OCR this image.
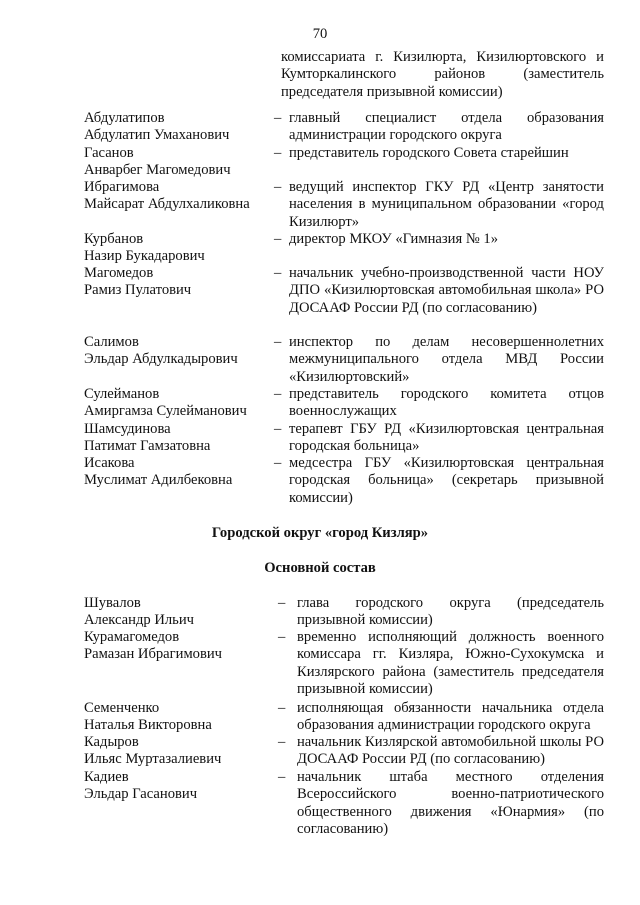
70
комиссариата г. Кизилюрта, Кизилюртовского и Кумторкалинского районов (заместитель председателя призывной комиссии)
Абдулатипов
Абдулатип Умаханович
– главный специалист отдела образования администрации городского округа
Гасанов
Анварбег Магомедович
– представитель городского Совета старейшин
Ибрагимова
Майсарат Абдулхаликовна
– ведущий инспектор ГКУ РД «Центр занятости населения в муниципальном образовании «город Кизилюрт»
Курбанов
Назир Букадарович
– директор МКОУ «Гимназия № 1»
Магомедов
Рамиз Пулатович
– начальник учебно-производственной части НОУ ДПО «Кизилюртовская автомобильная школа» РО ДОСААФ России РД (по согласованию)
Салимов
Эльдар Абдулкадырович
– инспектор по делам несовершеннолетних межмуниципального отдела МВД России «Кизилюртовский»
Сулейманов
Амиргамза Сулейманович
– представитель городского комитета отцов военнослужащих
Шамсудинова
Патимат Гамзатовна
– терапевт ГБУ РД «Кизилюртовская центральная городская больница»
Исакова
Муслимат Адилбековна
– медсестра ГБУ «Кизилюртовская центральная городская больница» (секретарь призывной комиссии)
Городской округ «город Кизляр»
Основной состав
Шувалов
Александр Ильич
– глава городского округа (председатель призывной комиссии)
Курамагомедов
Рамазан Ибрагимович
– временно исполняющий должность военного комиссара гг. Кизляра, Южно-Сухокумска и Кизлярского района (заместитель председателя призывной комиссии)
Семенченко
Наталья Викторовна
– исполняющая обязанности начальника отдела образования администрации городского округа
Кадыров
Ильяс Муртазалиевич
– начальник Кизлярской автомобильной школы РО ДОСААФ России РД (по согласованию)
Кадиев
Эльдар Гасанович
– начальник штаба местного отделения Всероссийского военно-патриотического общественного движения «Юнармия» (по согласованию)
